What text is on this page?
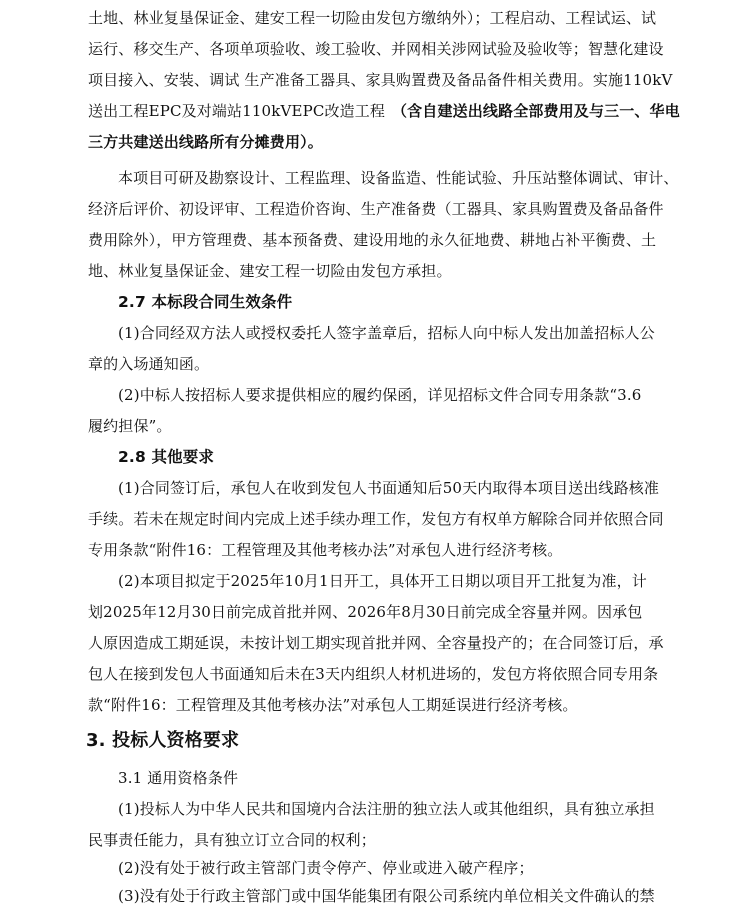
土地、林业复垦保证金、建安工程一切险由发包方缴纳外）；工程启动、工程试运、试
运行、移交生产、各项单项验收、竣工验收、并网相关涉网试验及验收等；智慧化建设
项目接入、安装、调试 生产准备工器具、家具购置费及备品备件相关费用。实施110kV
送出工程EPC及对端站110kVEPC改造工程 （含自建送出线路全部费用及与三一、华电
三方共建送出线路所有分摊费用）。
本项目可研及勘察设计、工程监理、设备监造、性能试验、升压站整体调试、审计、
经济后评价、初设评审、工程造价咨询、生产准备费（工器具、家具购置费及备品备件
费用除外），甲方管理费、基本预备费、建设用地的永久征地费、耕地占补平衡费、土
地、林业复垦保证金、建安工程一切险由发包方承担。
2.7 本标段合同生效条件
(1)合同经双方法人或授权委托人签字盖章后，招标人向中标人发出加盖招标人公
章的入场通知函。
(2)中标人按招标人要求提供相应的履约保函，详见招标文件合同专用条款“3.6
履约担保”。
2.8 其他要求
(1)合同签订后，承包人在收到发包人书面通知后50天内取得本项目送出线路核准
手续。若未在规定时间内完成上述手续办理工作，发包方有权单方解除合同并依照合同
专用条款“附件16：工程管理及其他考核办法”对承包人进行经济考核。
(2)本项目拟定于2025年10月1日开工，具体开工日期以项目开工批复为准，计
划2025年12月30日前完成首批并网、2026年8月30日前完成全容量并网。因承包
人原因造成工期延误，未按计划工期实现首批并网、全容量投产的；在合同签订后，承
包人在接到发包人书面通知后未在3天内组织人材机进场的，发包方将依照合同专用条
款“附件16：工程管理及其他考核办法”对承包人工期延误进行经济考核。
3. 投标人资格要求
3.1 通用资格条件
(1)投标人为中华人民共和国境内合法注册的独立法人或其他组织，具有独立承担
民事责任能力，具有独立订立合同的权利；
(2)没有处于被行政主管部门责令停产、停业或进入破产程序；
(3)没有处于行政主管部门或中国华能集团有限公司系统内单位相关文件确认的禁
